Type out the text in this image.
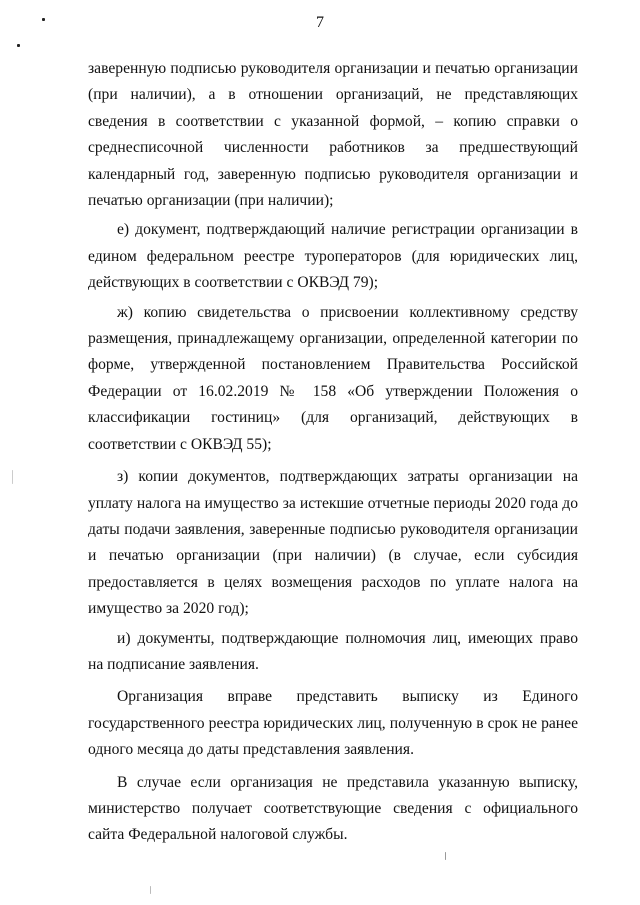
7

заверенную подписью руководителя организации и печатью организации (при наличии), а в отношении организаций, не представляющих сведения в соответствии с указанной формой, – копию справки о среднесписочной численности работников за предшествующий календарный год, заверенную подписью руководителя организации и печатью организации (при наличии);

е) документ, подтверждающий наличие регистрации организации в едином федеральном реестре туроператоров (для юридических лиц, действующих в соответствии с ОКВЭД 79);

ж) копию свидетельства о присвоении коллективному средству размещения, принадлежащему организации, определенной категории по форме, утвержденной постановлением Правительства Российской Федерации от 16.02.2019 № 158 «Об утверждении Положения о классификации гостиниц» (для организаций, действующих в соответствии с ОКВЭД 55);

з) копии документов, подтверждающих затраты организации на уплату налога на имущество за истекшие отчетные периоды 2020 года до даты подачи заявления, заверенные подписью руководителя организации и печатью организации (при наличии) (в случае, если субсидия предоставляется в целях возмещения расходов по уплате налога на имущество за 2020 год);

и) документы, подтверждающие полномочия лиц, имеющих право на подписание заявления.

Организация вправе представить выписку из Единого государственного реестра юридических лиц, полученную в срок не ранее одного месяца до даты представления заявления.

В случае если организация не представила указанную выписку, министерство получает соответствующие сведения с официального сайта Федеральной налоговой службы.
